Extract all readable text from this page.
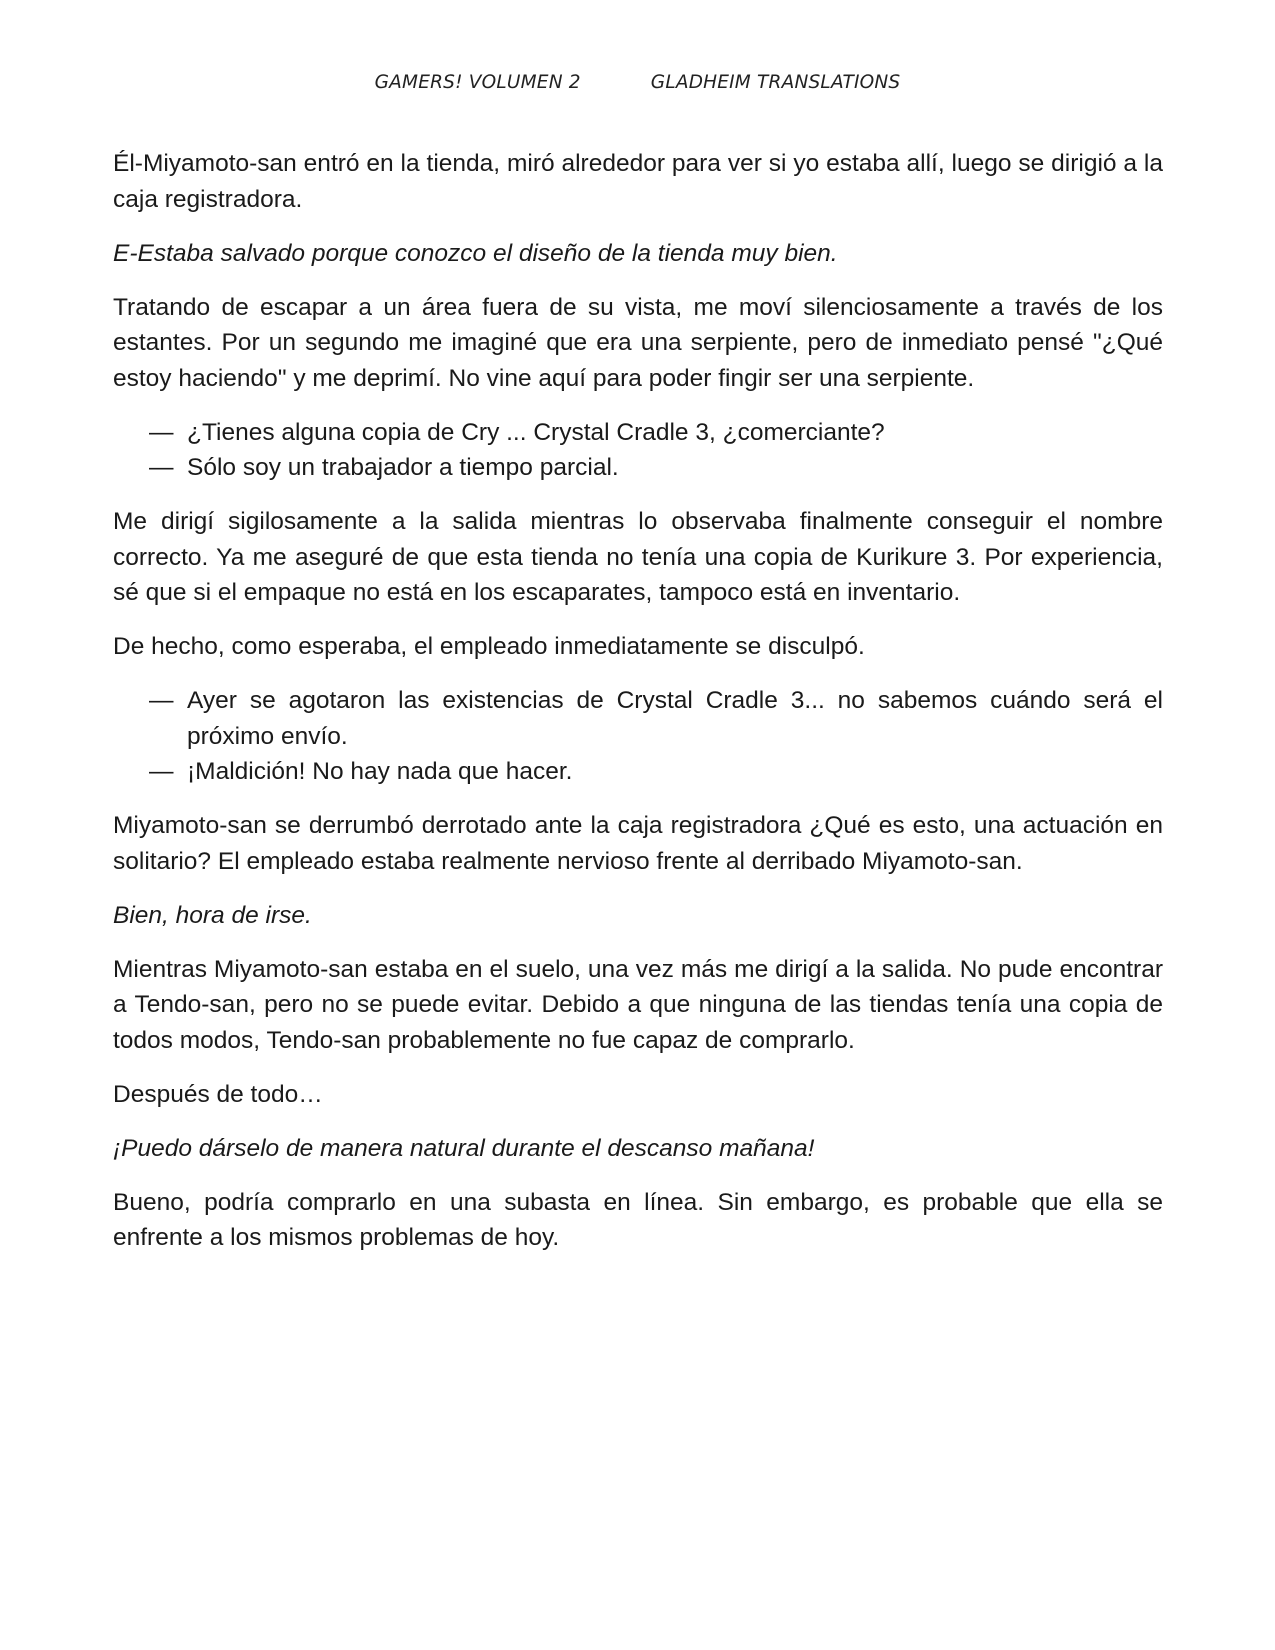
GAMERS! VOLUMEN 2	GLADHEIM TRANSLATIONS

Él-Miyamoto-san entró en la tienda, miró alrededor para ver si yo estaba allí, luego se dirigió a la caja registradora.

E-Estaba salvado porque conozco el diseño de la tienda muy bien.

Tratando de escapar a un área fuera de su vista, me moví silenciosamente a través de los estantes. Por un segundo me imaginé que era una serpiente, pero de inmediato pensé "¿Qué estoy haciendo" y me deprimí. No vine aquí para poder fingir ser una serpiente.

— ¿Tienes alguna copia de Cry ... Crystal Cradle 3, ¿comerciante?
— Sólo soy un trabajador a tiempo parcial.

Me dirigí sigilosamente a la salida mientras lo observaba finalmente conseguir el nombre correcto. Ya me aseguré de que esta tienda no tenía una copia de Kurikure 3. Por experiencia, sé que si el empaque no está en los escaparates, tampoco está en inventario.

De hecho, como esperaba, el empleado inmediatamente se disculpó.

— Ayer se agotaron las existencias de Crystal Cradle 3... no sabemos cuándo será el próximo envío.
— ¡Maldición! No hay nada que hacer.

Miyamoto-san se derrumbó derrotado ante la caja registradora ¿Qué es esto, una actuación en solitario? El empleado estaba realmente nervioso frente al derribado Miyamoto-san.

Bien, hora de irse.

Mientras Miyamoto-san estaba en el suelo, una vez más me dirigí a la salida. No pude encontrar a Tendo-san, pero no se puede evitar. Debido a que ninguna de las tiendas tenía una copia de todos modos, Tendo-san probablemente no fue capaz de comprarlo.

Después de todo…

¡Puedo dárselo de manera natural durante el descanso mañana!

Bueno, podría comprarlo en una subasta en línea. Sin embargo, es probable que ella se enfrente a los mismos problemas de hoy.
